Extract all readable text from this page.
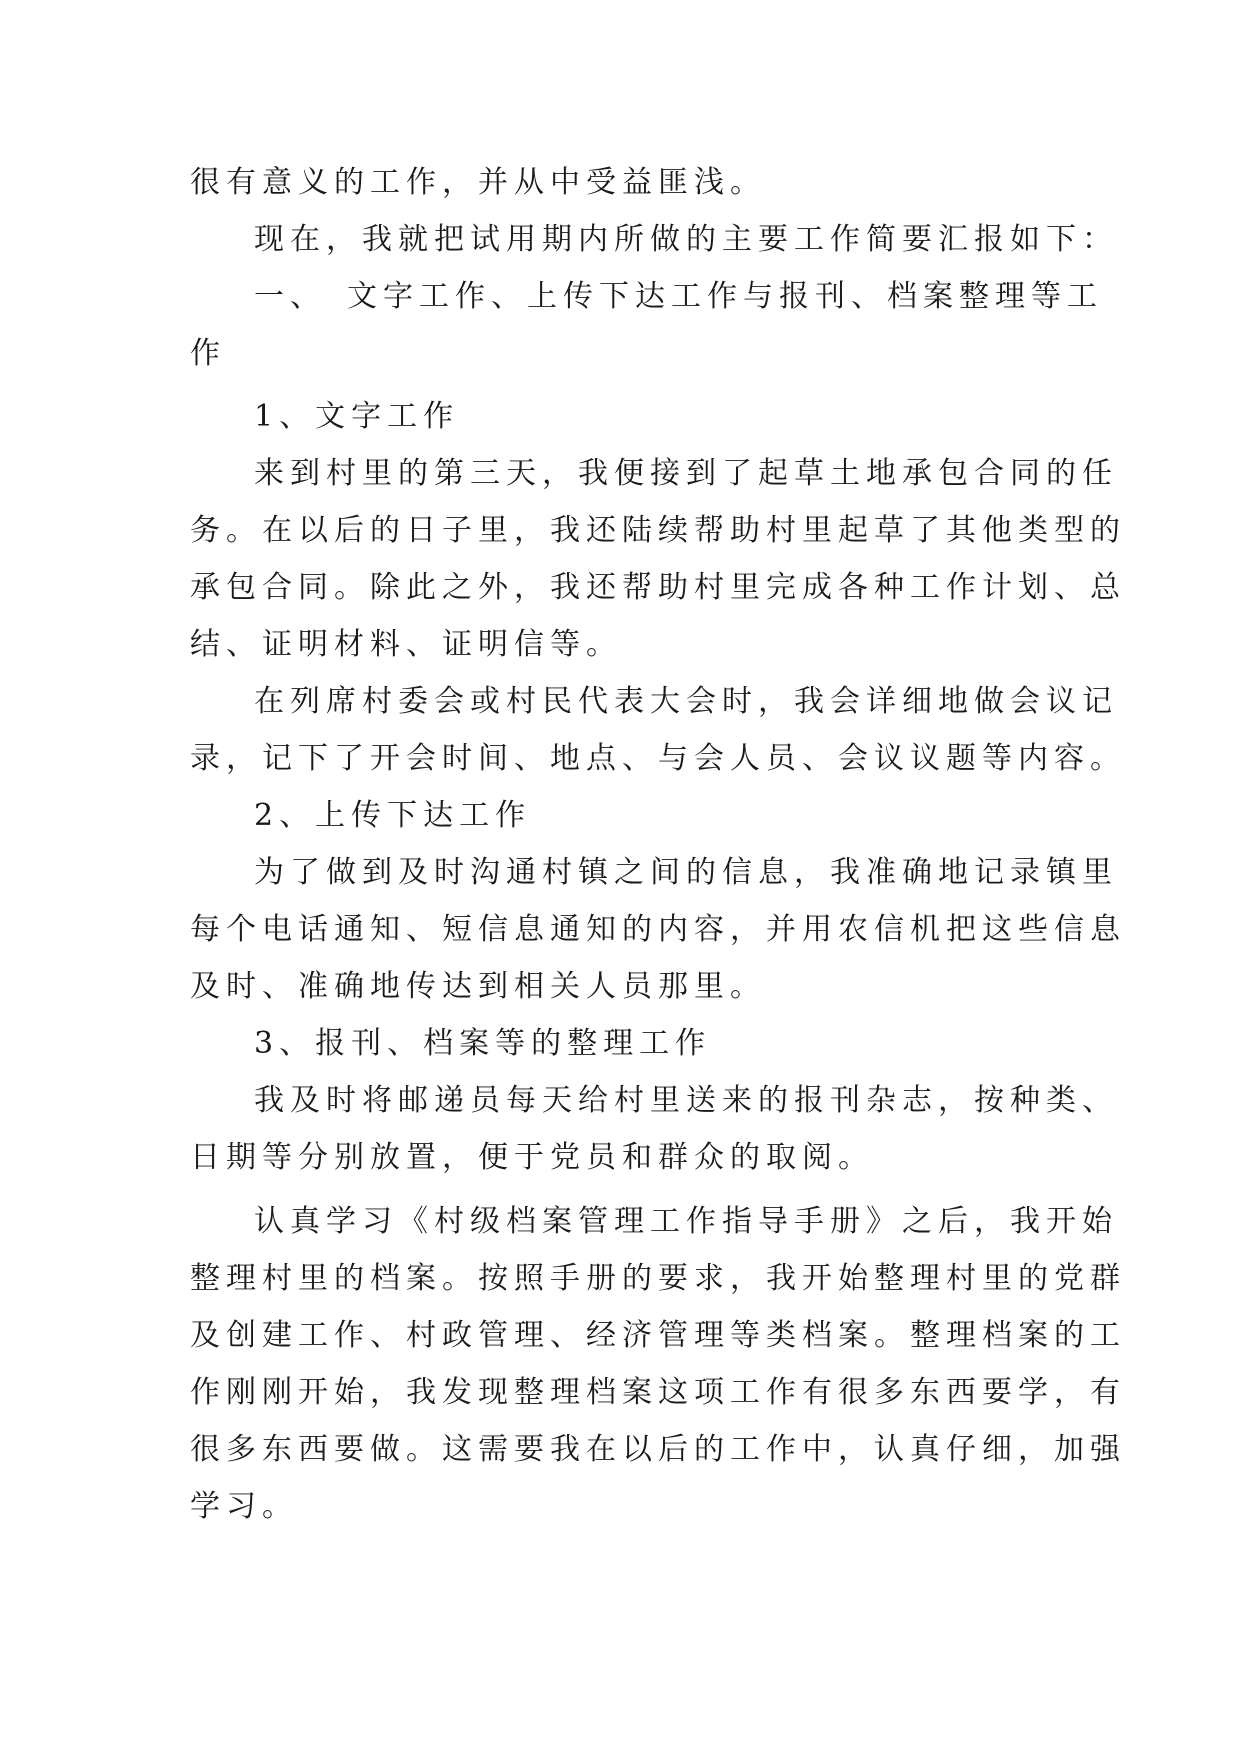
很有意义的工作，并从中受益匪浅。
现在，我就把试用期内所做的主要工作简要汇报如下：
一、　文字工作、上传下达工作与报刊、档案整理等工
作
1、文字工作
来到村里的第三天，我便接到了起草土地承包合同的任
务。在以后的日子里，我还陆续帮助村里起草了其他类型的
承包合同。除此之外，我还帮助村里完成各种工作计划、总
结、证明材料、证明信等。
在列席村委会或村民代表大会时，我会详细地做会议记
录，记下了开会时间、地点、与会人员、会议议题等内容。
2、上传下达工作
为了做到及时沟通村镇之间的信息，我准确地记录镇里
每个电话通知、短信息通知的内容，并用农信机把这些信息
及时、准确地传达到相关人员那里。
3、报刊、档案等的整理工作
我及时将邮递员每天给村里送来的报刊杂志，按种类、
日期等分别放置，便于党员和群众的取阅。
认真学习《村级档案管理工作指导手册》之后，我开始
整理村里的档案。按照手册的要求，我开始整理村里的党群
及创建工作、村政管理、经济管理等类档案。整理档案的工
作刚刚开始，我发现整理档案这项工作有很多东西要学，有
很多东西要做。这需要我在以后的工作中，认真仔细，加强
学习。
